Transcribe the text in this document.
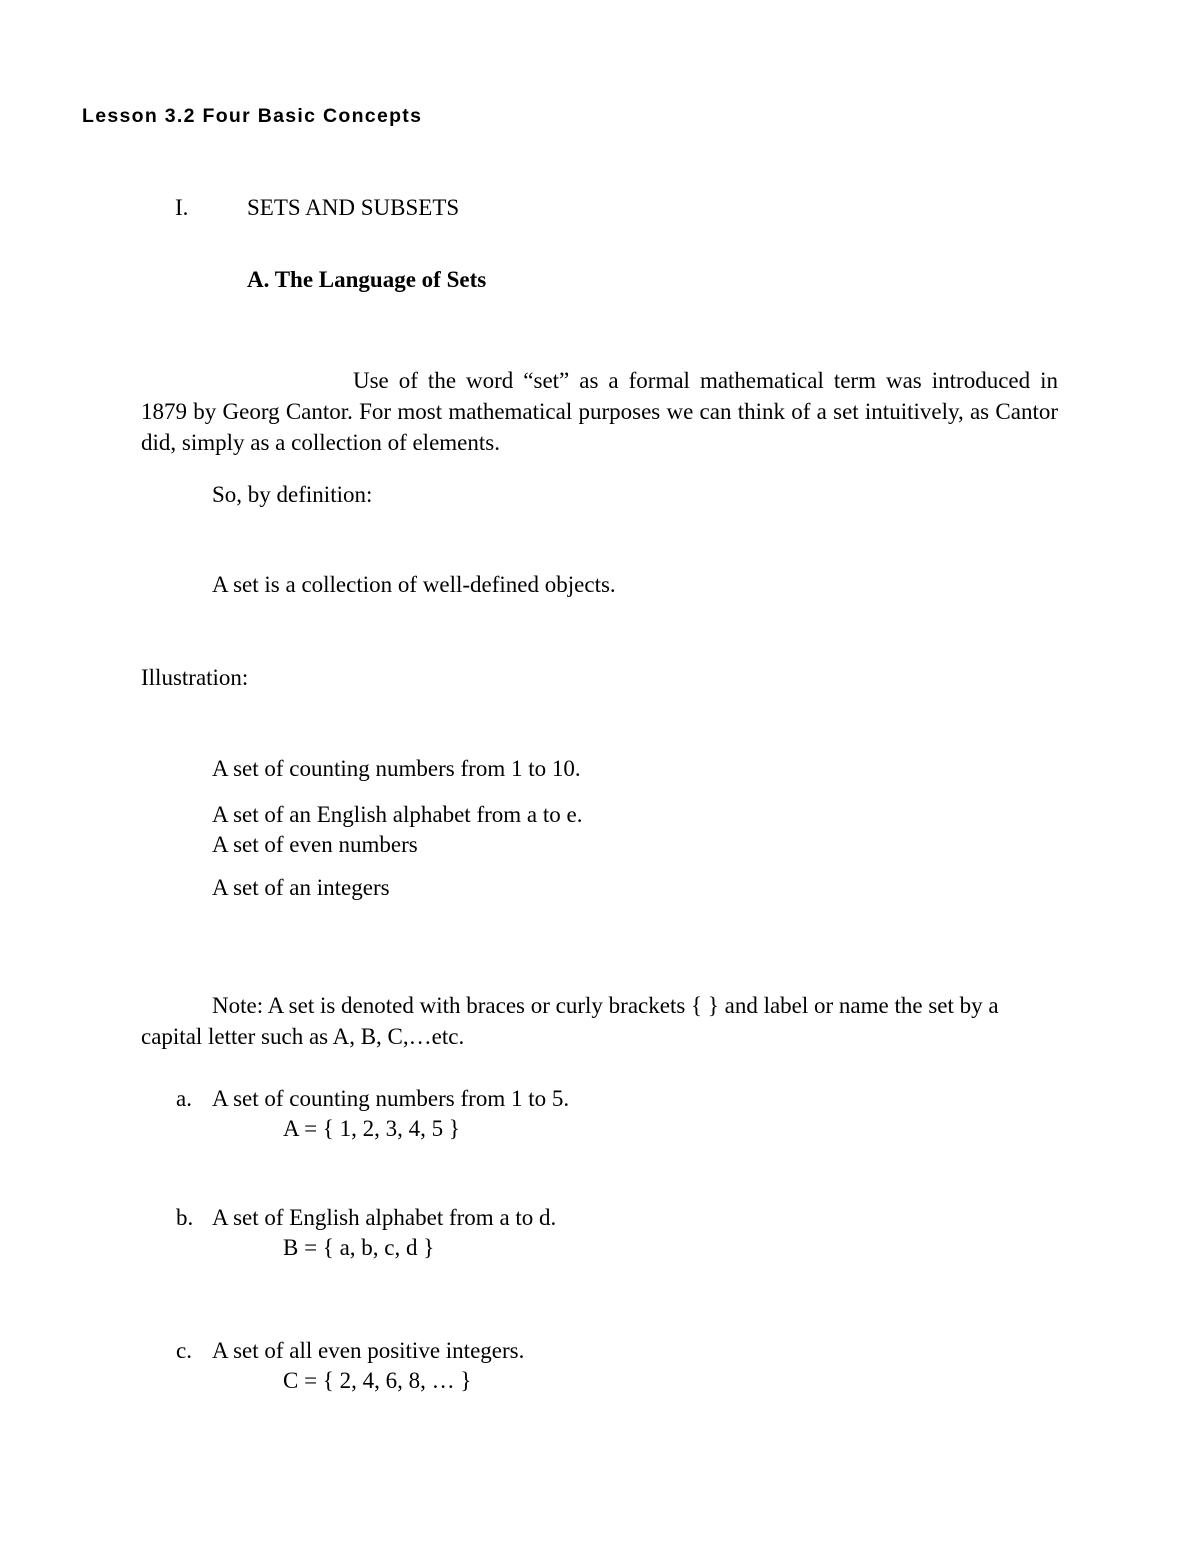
Lesson 3.2 Four Basic Concepts
I.	SETS AND SUBSETS
A. The Language of Sets

Use of the word “set” as a formal mathematical term was introduced in 1879 by Georg Cantor. For most mathematical purposes we can think of a set intuitively, as Cantor did, simply as a collection of elements.

So, by definition:
A set is a collection of well-defined objects.
Illustration:
A set of counting numbers from 1 to 10.
A set of an English alphabet from a to e.
A set of even numbers
A set of an integers

Note: A set is denoted with braces or curly brackets { } and label or name the set by a capital letter such as A, B, C,…etc.

a. A set of counting numbers from 1 to 5.
A = { 1, 2, 3, 4, 5 }
b. A set of English alphabet from a to d.
B = { a, b, c, d }
c. A set of all even positive integers.
C = { 2, 4, 6, 8, … }
